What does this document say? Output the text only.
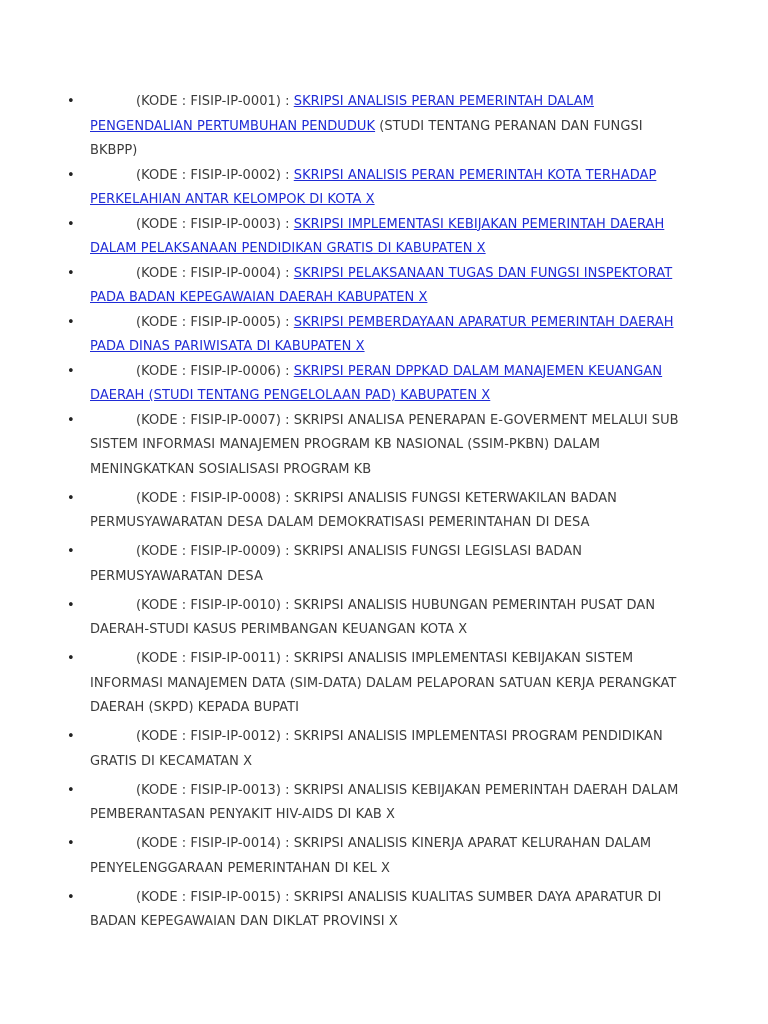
•	(KODE : FISIP-IP-0001) : SKRIPSI ANALISIS PERAN PEMERINTAH DALAM PENGENDALIAN PERTUMBUHAN PENDUDUK (STUDI TENTANG PERANAN DAN FUNGSI BKBPP)
•	(KODE : FISIP-IP-0002) : SKRIPSI ANALISIS PERAN PEMERINTAH KOTA TERHADAP PERKELAHIAN ANTAR KELOMPOK DI KOTA X
•	(KODE : FISIP-IP-0003) : SKRIPSI IMPLEMENTASI KEBIJAKAN PEMERINTAH DAERAH DALAM PELAKSANAAN PENDIDIKAN GRATIS DI KABUPATEN X
•	(KODE : FISIP-IP-0004) : SKRIPSI PELAKSANAAN TUGAS DAN FUNGSI INSPEKTORAT PADA BADAN KEPEGAWAIAN DAERAH KABUPATEN X
•	(KODE : FISIP-IP-0005) : SKRIPSI PEMBERDAYAAN APARATUR PEMERINTAH DAERAH PADA DINAS PARIWISATA DI KABUPATEN X
•	(KODE : FISIP-IP-0006) : SKRIPSI PERAN DPPKAD DALAM MANAJEMEN KEUANGAN DAERAH (STUDI TENTANG PENGELOLAAN PAD) KABUPATEN X
•	(KODE : FISIP-IP-0007) : SKRIPSI ANALISA PENERAPAN E-GOVERMENT MELALUI SUB SISTEM INFORMASI MANAJEMEN PROGRAM KB NASIONAL (SSIM-PKBN) DALAM MENINGKATKAN SOSIALISASI PROGRAM KB
•	(KODE : FISIP-IP-0008) : SKRIPSI ANALISIS FUNGSI KETERWAKILAN BADAN PERMUSYAWARATAN DESA DALAM DEMOKRATISASI PEMERINTAHAN DI DESA
•	(KODE : FISIP-IP-0009) : SKRIPSI ANALISIS FUNGSI LEGISLASI BADAN PERMUSYAWARATAN DESA
•	(KODE : FISIP-IP-0010) : SKRIPSI ANALISIS HUBUNGAN PEMERINTAH PUSAT DAN DAERAH-STUDI KASUS PERIMBANGAN KEUANGAN KOTA X
•	(KODE : FISIP-IP-0011) : SKRIPSI ANALISIS IMPLEMENTASI KEBIJAKAN SISTEM INFORMASI MANAJEMEN DATA (SIM-DATA) DALAM PELAPORAN SATUAN KERJA PERANGKAT DAERAH (SKPD) KEPADA BUPATI
•	(KODE : FISIP-IP-0012) : SKRIPSI ANALISIS IMPLEMENTASI PROGRAM PENDIDIKAN GRATIS DI KECAMATAN X
•	(KODE : FISIP-IP-0013) : SKRIPSI ANALISIS KEBIJAKAN PEMERINTAH DAERAH DALAM PEMBERANTASAN PENYAKIT HIV-AIDS DI KAB X
•	(KODE : FISIP-IP-0014) : SKRIPSI ANALISIS KINERJA APARAT KELURAHAN DALAM PENYELENGGARAAN PEMERINTAHAN DI KEL X
•	(KODE : FISIP-IP-0015) : SKRIPSI ANALISIS KUALITAS SUMBER DAYA APARATUR DI BADAN KEPEGAWAIAN DAN DIKLAT PROVINSI X
